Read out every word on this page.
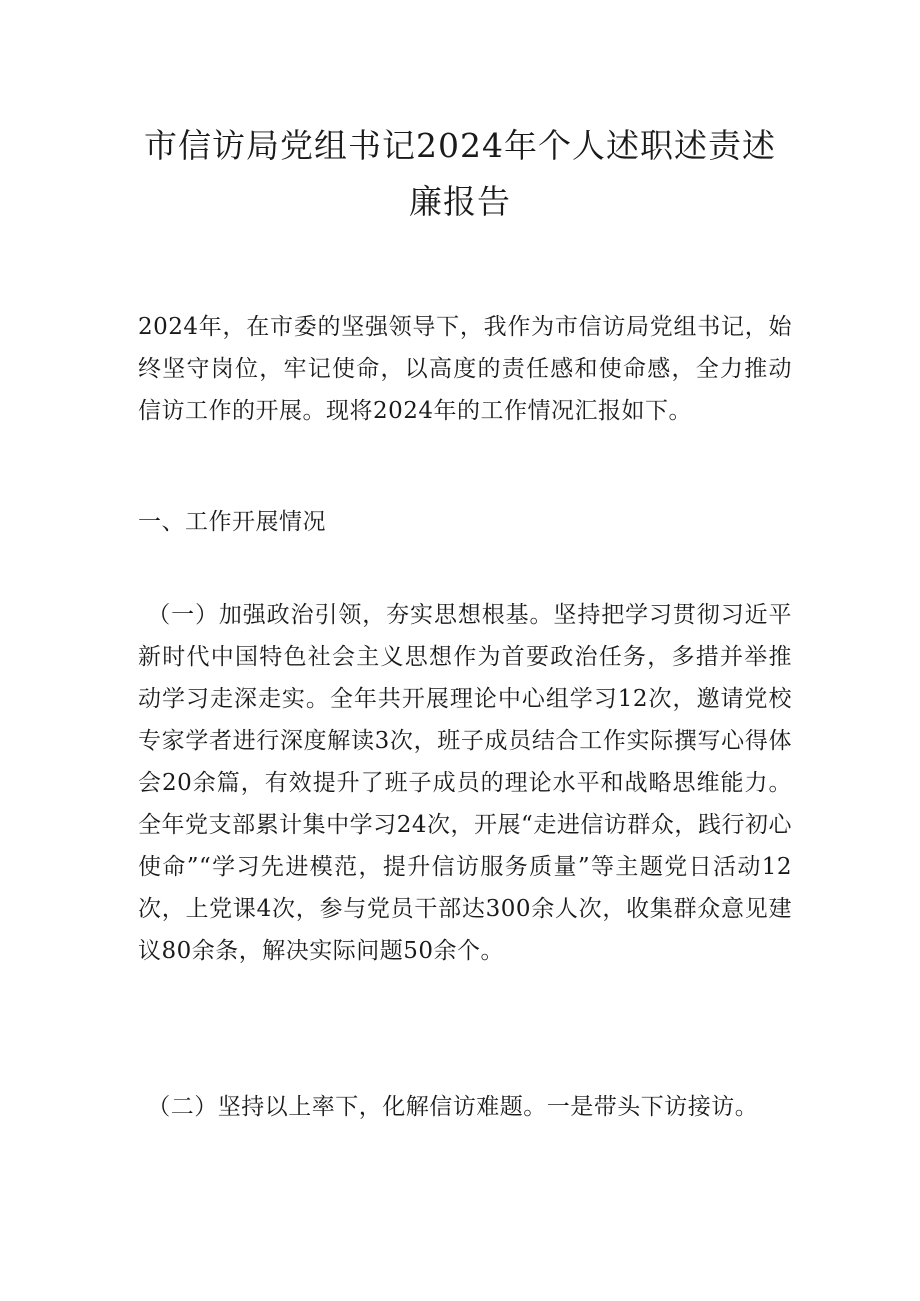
市信访局党组书记2024年个人述职述责述
廉报告

2024年，在市委的坚强领导下，我作为市信访局党组书记，始终坚守岗位，牢记使命，以高度的责任感和使命感，全力推动信访工作的开展。现将2024年的工作情况汇报如下。

一、工作开展情况

（一）加强政治引领，夯实思想根基。坚持把学习贯彻习近平新时代中国特色社会主义思想作为首要政治任务，多措并举推动学习走深走实。全年共开展理论中心组学习12次，邀请党校专家学者进行深度解读3次，班子成员结合工作实际撰写心得体会20余篇，有效提升了班子成员的理论水平和战略思维能力。全年党支部累计集中学习24次，开展“走进信访群众，践行初心使命”“学习先进模范，提升信访服务质量”等主题党日活动12次，上党课4次，参与党员干部达300余人次，收集群众意见建议80余条，解决实际问题50余个。

（二）坚持以上率下，化解信访难题。一是带头下访接访。
